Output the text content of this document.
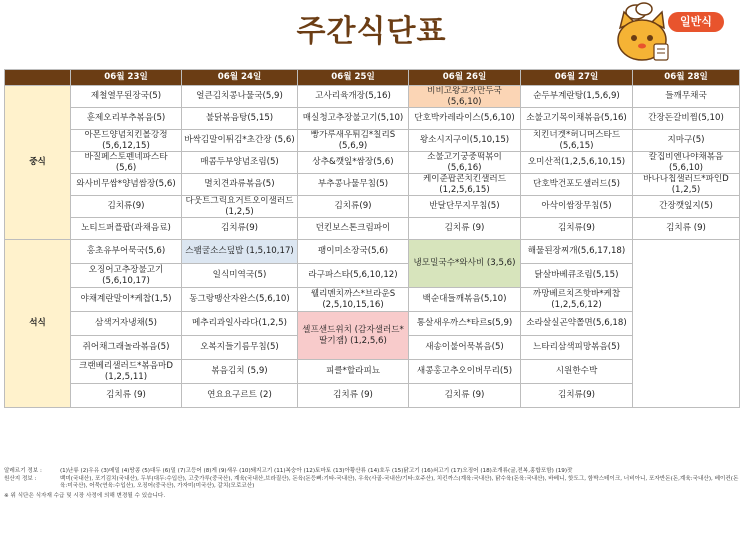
주간식단표	일반식
	06월 23일	06월 24일	06월 25일	06월 26일	06월 27일	06월 28일
중식	제철열무된장국(5)	얼큰김치콩나물국(5,9)	고사리육개장(5,16)	비비고왕교자만두국 (5,6,10)	순두부계란탕(1,5,6,9)	들깨무채국
	훈제오리부추볶음(5)	불닭볶음탕(5,15)	매실청고추장불고기(5,10)	단호박카레라이스(5,6,10)	소불고기목이채볶음(5,16)	간장돈갈비찜(5,10)
	아몬드양념치킨볼강정 (5,6,12,15)	바싹김말이튀김*초간장 (5,6)	빵가루새우튀김*칠리S (5,6,9)	왕소시지구이(5,10,15)	치킨너겟*허니머스타드 (5,6,15)	지마구(5)
	바질페스토펜네파스타 (5,6)	매콤두부양념조림(5)	상추&깻잎*쌈장(5,6)	소불고기궁중떡볶이 (5,6,16)	오미산적(1,2,5,6,10,15)	칼집비엔나야채볶음 (5,6,10)
	와사비무쌈*양념쌈장(5,6)	멸치견과류볶음(5)	부추콩나물무침(5)	케이준팝콘치킨샐러드 (1,2,5,6,15)	단호박건포도샐러드(5)	바나나칩샐러드*파인D (1,2,5)
	김치류(9)	다웃트그릭요거트오이샐러드(1,2,5)	김치류(9)	반달단무지무침(5)	아삭이쌈장무침(5)	간장깻잎지(5)
	노티드퍼플팝(과채음료)	김치류(9)	던킨보스톤크림파이	김치류 (9)	김치류(9)	김치류 (9)
석식	홍초유부어묵국(5,6)	스팸굴소스덮밥 (1,5,10,17)	팽이미소장국(5,6)	냉모밀국수*와사비 (3,5,6)	해물된장찌개(5,6,17,18)	
	오징어고추장불고기 (5,6,10,17)	일식미역국(5)	라구파스타(5,6,10,12)		닭살바베큐조림(5,15)	
	야채계란말이*케찹(1,5)	동그랑땡산자완스(5,6,10)	웰리멘치까스*브라운S (2,5,10,15,16)	백순대들깨볶음(5,10)	까망베르치즈핫바*케찹(1,2,5,6,12)	
	삼색거자냉채(5)	메추리과일사라다(1,2,5)	셀프샌드위치 (감자샐러드*딸기잼) (1,2,5,6)	통살새우까스*타르s(5,9)	소라살실곤약쫄면(5,6,18)	
	쥐어채그래놀라볶음(5)	오복지들기름무침(5)		새송이불어묵볶음(5)	느타리삼색피망볶음(5)	
	크랜베리샐러드*볶음마D (1,2,5,11)	볶음김치 (5,9)	피클*할라피뇨	새콩홍고추오이버무리(5)	시원한수박	
	김치류 (9)	연요요구르트 (2)	김치류 (9)	김치류 (9)	김치류(9)	
알레르기 정보 :	(1)난류 (2)우유 (3)메밀 (4)땅콩 (5)대두 (6)밀 (7)고등어 (8)게 (9)새우 (10)돼지고기 (11)복숭아 (12)토마토 (13)아황산류 (14)호두 (15)닭고기 (16)쇠고기 (17)오징어 (18)조개류(굴,전복,홍합포함) (19)잣
원산지 정보 :	백미(국내산), 포기김치(국내산), 두부(대두:수입산), 고춧가루(중국산), 계육(국내산,브라질산), 돈육(돈등뼈:기타-국내산), 우육(사골-국내산/기타:호주산), 치킨까스(계육:국내산), 닭수육(돈육:국내산), 바베니, 핫도그, 함박스테이크, 너비아니, 포자반돈(돈,계육:국내산), 베이컨(돈육:미국산), 어묵(연육:수입산), 오징어(중국산), 가자미(미국산), 갈치(모로코산)
※ 위 식단은 식자재 수급 및 시장 사정에 의해 변경될 수 있습니다.
